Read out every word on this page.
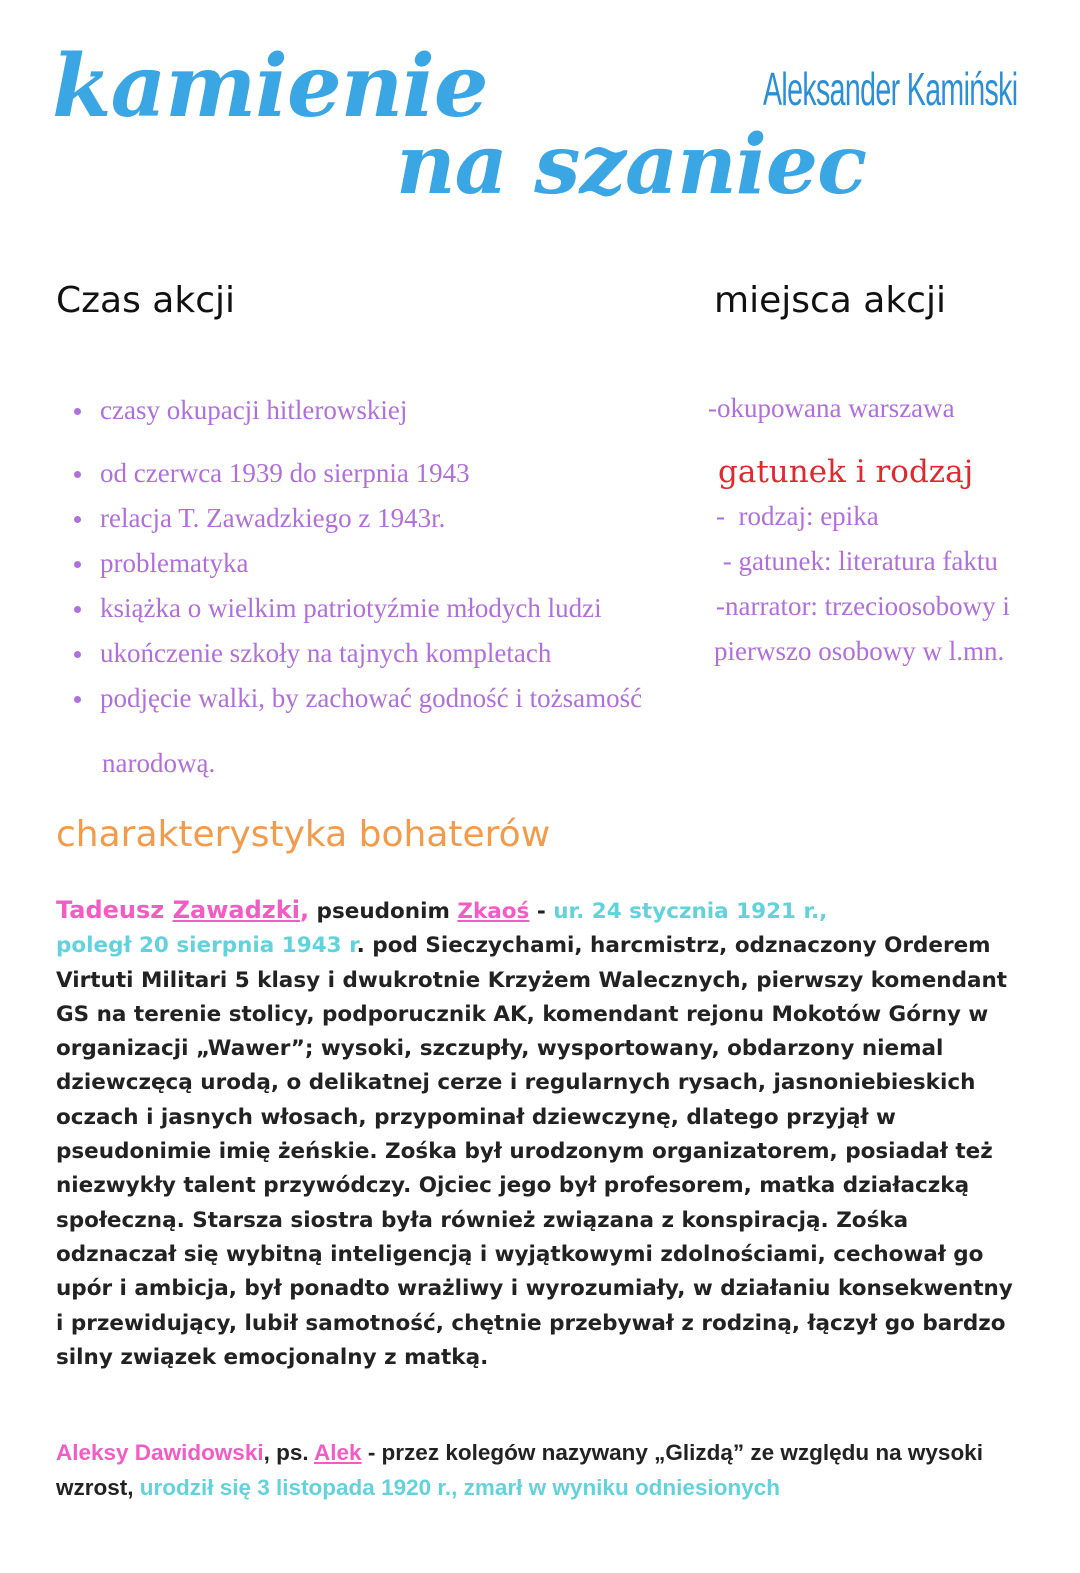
kamienie
na szaniec
Aleksander Kamiński
Czas akcji	miejsca akcji
czasy okupacji hitlerowskiej
od czerwca 1939 do sierpnia 1943
relacja T. Zawadzkiego z 1943r.
problematyka
książka o wielkim patriotyźmie młodych ludzi
ukończenie szkoły na tajnych kompletach
podjęcie walki, by zachować godność i tożsamość
narodową.
-okupowana warszawa
gatunek i rodzaj
-  rodzaj: epika
- gatunek: literatura faktu
-narrator: trzecioosobowy i
pierwszo osobowy w l.mn.
charakterystyka bohaterów
Tadeusz Zawadzki, pseudonim Zkaoś - ur. 24 stycznia 1921 r.,
poległ 20 sierpnia 1943 r. pod Sieczychami, harcmistrz, odznaczony Orderem Virtuti Militari 5 klasy i dwukrotnie Krzyżem Walecznych, pierwszy komendant GS na terenie stolicy, podporucznik AK, komendant rejonu Mokotów Górny w organizacji „Wawer”; wysoki, szczupły, wysportowany, obdarzony niemal dziewczęcą urodą, o delikatnej cerze i regularnych rysach, jasnoniebieskich oczach i jasnych włosach, przypominał dziewczynę, dlatego przyjął w pseudonimie imię żeńskie. Zośka był urodzonym organizatorem, posiadał też niezwykły talent przywódczy. Ojciec jego był profesorem, matka działaczką społeczną. Starsza siostra była również związana z konspiracją. Zośka odznaczał się wybitną inteligencją i wyjątkowymi zdolnościami, cechował go upór i ambicja, był ponadto wrażliwy i wyrozumiały, w działaniu konsekwentny i przewidujący, lubił samotność, chętnie przebywał z rodziną, łączył go bardzo silny związek emocjonalny z matką.
Aleksy Dawidowski, ps. Alek - przez kolegów nazywany „Glizdą” ze względu na wysoki wzrost, urodził się 3 listopada 1920 r., zmarł w wyniku odniesionych
